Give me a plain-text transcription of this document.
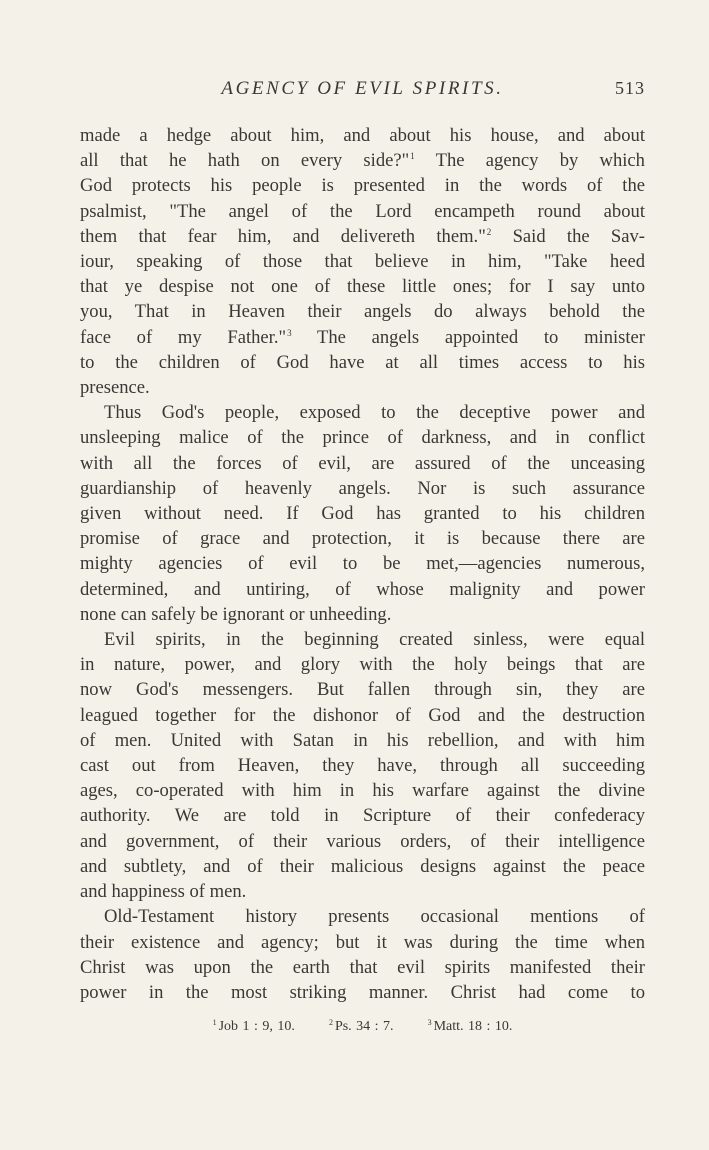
AGENCY OF EVIL SPIRITS.	513

made a hedge about him, and about his house, and about

all that he hath on every side?"$^1$ The agency by which

God protects his people is presented in the words of the

psalmist, "The angel of the Lord encampeth round about

them that fear him, and delivereth them."$^2$ Said the Sav-

iour, speaking of those that believe in him, "Take heed

that ye despise not one of these little ones; for I say unto

you, That in Heaven their angels do always behold the

face of my Father."$^3$ The angels appointed to minister

to the children of God have at all times access to his

presence.

Thus God's people, exposed to the deceptive power and

unsleeping malice of the prince of darkness, and in conflict

with all the forces of evil, are assured of the unceasing

guardianship of heavenly angels. Nor is such assurance

given without need. If God has granted to his children

promise of grace and protection, it is because there are

mighty agencies of evil to be met,—agencies numerous,

determined, and untiring, of whose malignity and power

none can safely be ignorant or unheeding.

Evil spirits, in the beginning created sinless, were equal

in nature, power, and glory with the holy beings that are

now God's messengers. But fallen through sin, they are

leagued together for the dishonor of God and the destruction

of men. United with Satan in his rebellion, and with him

cast out from Heaven, they have, through all succeeding

ages, co-operated with him in his warfare against the divine

authority. We are told in Scripture of their confederacy

and government, of their various orders, of their intelligence

and subtlety, and of their malicious designs against the peace

and happiness of men.

Old-Testament history presents occasional mentions of

their existence and agency; but it was during the time when

Christ was upon the earth that evil spirits manifested their

power in the most striking manner. Christ had come to

$^1$ Job 1 : 9, 10.	$^2$ Ps. 34 : 7.	$^3$ Matt. 18 : 10.
